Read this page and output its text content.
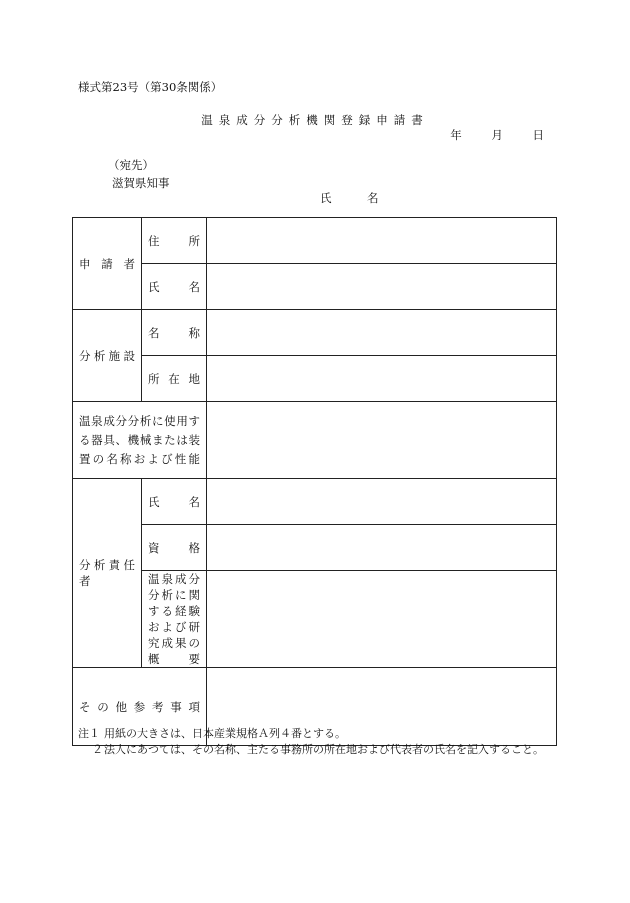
様式第23号（第30条関係）
温泉成分分析機関登録申請書
年	月	日
（宛先）
滋賀県知事
氏　名
申請者	住所	
	氏名	
分析施設	名称	
	所在地	
温泉成分分析に使用する器具、機械または装置の名称および性能		
分析責任者	氏名	
	資格	
	温泉成分分析に関する経験および研究成果の概要	
その他参考事項		
注１ 用紙の大きさは、日本産業規格Ａ列４番とする。
２ 法人にあつては、その名称、主たる事務所の所在地および代表者の氏名を記入すること。
